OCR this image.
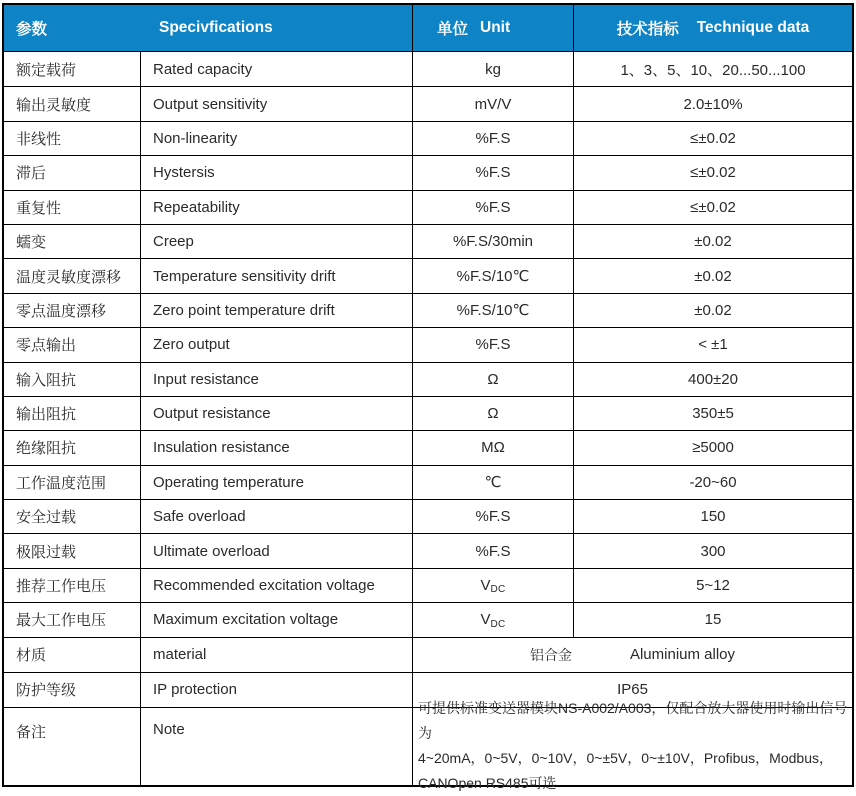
参数	Specivfications	单位 Unit	技术指标 Technique data
额定载荷	Rated capacity	kg	1、3、5、10、20...50...100
输出灵敏度	Output sensitivity	mV/V	2.0±10%
非线性	Non-linearity	%F.S	≤±0.02
滞后	Hystersis	%F.S	≤±0.02
重复性	Repeatability	%F.S	≤±0.02
蠕变	Creep	%F.S/30min	±0.02
温度灵敏度漂移	Temperature sensitivity drift	%F.S/10℃	±0.02
零点温度漂移	Zero point temperature drift	%F.S/10℃	±0.02
零点输出	Zero output	%F.S	< ±1
输入阻抗	Input resistance	Ω	400±20
输出阻抗	Output resistance	Ω	350±5
绝缘阻抗	Insulation resistance	MΩ	≥5000
工作温度范围	Operating temperature	℃	-20~60
安全过载	Safe overload	%F.S	150
极限过载	Ultimate overload	%F.S	300
推荐工作电压	Recommended excitation voltage	V DC	5~12
最大工作电压	Maximum excitation voltage	V DC	15
材质	material	铝合金	Aluminium alloy
防护等级	IP protection	IP65
备注	Note
可提供标准变送器模块NS-A002/A003，仅配合放大器使用时输出信号为
4~20mA，0~5V，0~10V，0~±5V，0~±10V，Profibus，Modbus，
CANOpen RS485可选
